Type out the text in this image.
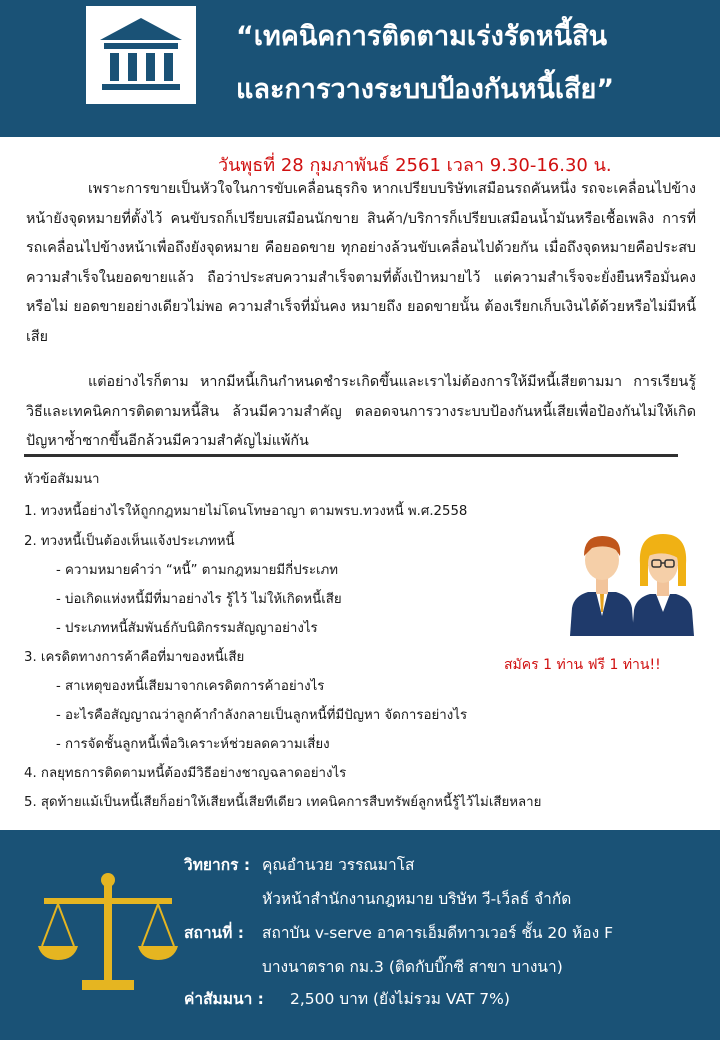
“เทคนิคการติดตามเร่งรัดหนี้สิน
และการวางระบบป้องกันหนี้เสีย”
วันพุธที่ 28 กุมภาพันธ์ 2561 เวลา 9.30-16.30 น.

เพราะการขายเป็นหัวใจในการขับเคลื่อนธุรกิจ หากเปรียบบริษัทเสมือนรถคันหนึ่ง รถจะเคลื่อนไปข้างหน้ายังจุดหมายที่ตั้งไว้ คนขับรถก็เปรียบเสมือนนักขาย สินค้า/บริการก็เปรียบเสมือนน้ำมันหรือเชื้อเพลิง การที่รถเคลื่อนไปข้างหน้าเพื่อถึงยังจุดหมาย คือยอดขาย ทุกอย่างล้วนขับเคลื่อนไปด้วยกัน เมื่อถึงจุดหมายคือประสบความสำเร็จในยอดขายแล้ว ถือว่าประสบความสำเร็จตามที่ตั้งเป้าหมายไว้ แต่ความสำเร็จจะยั่งยืนหรือมั่นคงหรือไม่ ยอดขายอย่างเดียวไม่พอ ความสำเร็จที่มั่นคง หมายถึง ยอดขายนั้น ต้องเรียกเก็บเงินได้ด้วยหรือไม่มีหนี้เสีย

แต่อย่างไรก็ตาม หากมีหนี้เกินกำหนดชำระเกิดขึ้นและเราไม่ต้องการให้มีหนี้เสียตามมา การเรียนรู้วิธีและเทคนิคการติดตามหนี้สิน ล้วนมีความสำคัญ ตลอดจนการวางระบบป้องกันหนี้เสียเพื่อป้องกันไม่ให้เกิดปัญหาซ้ำซากขึ้นอีกล้วนมีความสำคัญไม่แพ้กัน

หัวข้อสัมมนา
1. ทวงหนี้อย่างไรให้ถูกกฎหมายไม่โดนโทษอาญา ตามพรบ.ทวงหนี้ พ.ศ.2558
2. ทวงหนี้เป็นต้องเห็นแจ้งประเภทหนี้
- ความหมายคำว่า “หนี้” ตามกฎหมายมีกี่ประเภท
- บ่อเกิดแห่งหนี้มีที่มาอย่างไร รู้ไว้ ไม่ให้เกิดหนี้เสีย
- ประเภทหนี้สัมพันธ์กับนิติกรรมสัญญาอย่างไร
3. เครดิตทางการค้าคือที่มาของหนี้เสีย
- สาเหตุของหนี้เสียมาจากเครดิตการค้าอย่างไร
- อะไรคือสัญญาณว่าลูกค้ากำลังกลายเป็นลูกหนี้ที่มีปัญหา จัดการอย่างไร
- การจัดชั้นลูกหนี้เพื่อวิเคราะห์ช่วยลดความเสี่ยง
4. กลยุทธการติดตามหนี้ต้องมีวิธีอย่างชาญฉลาดอย่างไร
5. สุดท้ายแม้เป็นหนี้เสียก็อย่าให้เสียหนี้เสียทีเดียว เทคนิคการสืบทรัพย์ลูกหนี้รู้ไว้ไม่เสียหลาย
สมัคร 1 ท่าน ฟรี 1 ท่าน!!
วิทยากร : คุณอำนวย วรรณมาโส
หัวหน้าสำนักงานกฎหมาย บริษัท วี-เว็ลธ์ จำกัด
สถานที่ : สถาบัน v-serve อาคารเอ็มดีทาวเวอร์ ชั้น 20 ห้อง F
บางนาตราด กม.3 (ติดกับบิ๊กซี สาขา บางนา)
ค่าสัมมนา : 2,500 บาท (ยังไม่รวม VAT 7%)
